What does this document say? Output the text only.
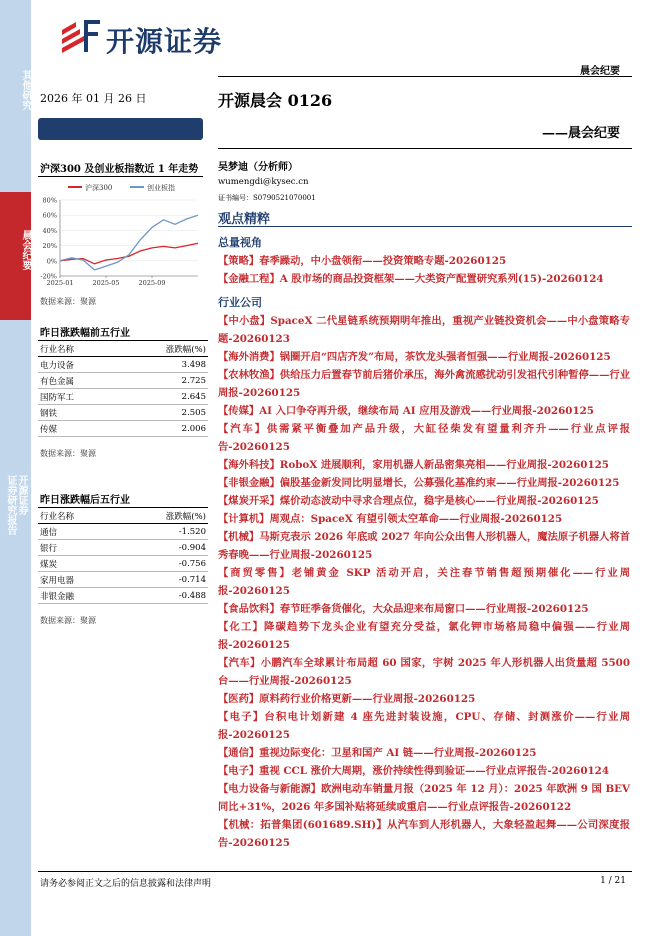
其他研究
晨会纪要
开源证券
证券研究报告
开源证券
晨会纪要
2026 年 01 月 26 日	开源晨会 0126
——晨会纪要
吴梦迪（分析师）
wumengdi@kysec.cn
证书编号：S0790521070001
沪深300 及创业板指数近 1 年走势
沪深300	创业板指
80%
60%
40%
20%
0%
-20%
2025-01	2025-05	2025-09
数据来源：聚源
昨日涨跌幅前五行业
行业名称	涨跌幅(%)
电力设备	3.498
有色金属	2.725
国防军工	2.645
钢铁	2.505
传媒	2.006
数据来源：聚源
昨日涨跌幅后五行业
行业名称	涨跌幅(%)
通信	-1.520
银行	-0.904
煤炭	-0.756
家用电器	-0.714
非银金融	-0.488
数据来源：聚源
观点精粹
总量视角
【策略】春季躁动，中小盘领衔——投资策略专题-20260125
【金融工程】A 股市场的商品投资框架——大类资产配置研究系列(15)-20260124
行业公司
【中小盘】SpaceX 二代星链系统预期明年推出，重视产业链投资机会——中小盘策略专题-20260123
【海外消费】锅圈开启“四店齐发”布局，茶饮龙头强者恒强——行业周报-20260125
【农林牧渔】供给压力后置春节前后猪价承压，海外禽流感扰动引发祖代引种暂停——行业周报-20260125
【传媒】AI 入口争夺再升级，继续布局 AI 应用及游戏——行业周报-20260125
【汽车】供需紧平衡叠加产品升级，大缸径柴发有望量利齐升——行业点评报告-20260125
【海外科技】RoboX 进展顺利，家用机器人新品密集亮相——行业周报-20260125
【非银金融】偏股基金新发同比明显增长，公募强化基准约束——行业周报-20260125
【煤炭开采】煤价动态波动中寻求合理点位，稳字是核心——行业周报-20260125
【计算机】周观点：SpaceX 有望引领太空革命——行业周报-20260125
【机械】马斯克表示 2026 年底或 2027 年向公众出售人形机器人，魔法原子机器人将首秀春晚——行业周报-20260125
【商贸零售】老铺黄金 SKP 活动开启，关注春节销售超预期催化——行业周报-20260125
【食品饮料】春节旺季备货催化，大众品迎来布局窗口——行业周报-20260125
【化工】降碳趋势下龙头企业有望充分受益，氯化钾市场格局稳中偏强——行业周报-20260125
【汽车】小鹏汽车全球累计布局超 60 国家，宇树 2025 年人形机器人出货量超 5500 台——行业周报-20260125
【医药】原料药行业价格更新——行业周报-20260125
【电子】台积电计划新建 4 座先进封装设施，CPU、存储、封测涨价——行业周报-20260125
【通信】重视边际变化：卫星和国产 AI 链——行业周报-20260125
【电子】重视 CCL 涨价大周期，涨价持续性得到验证——行业点评报告-20260124
【电力设备与新能源】欧洲电动车销量月报（2025 年 12 月）：2025 年欧洲 9 国 BEV 同比+31%，2026 年多国补贴将延续或重启——行业点评报告-20260122
【机械：拓普集团(601689.SH)】从汽车到人形机器人，大象轻盈起舞——公司深度报告-20260125
请务必参阅正文之后的信息披露和法律声明	1 / 21
